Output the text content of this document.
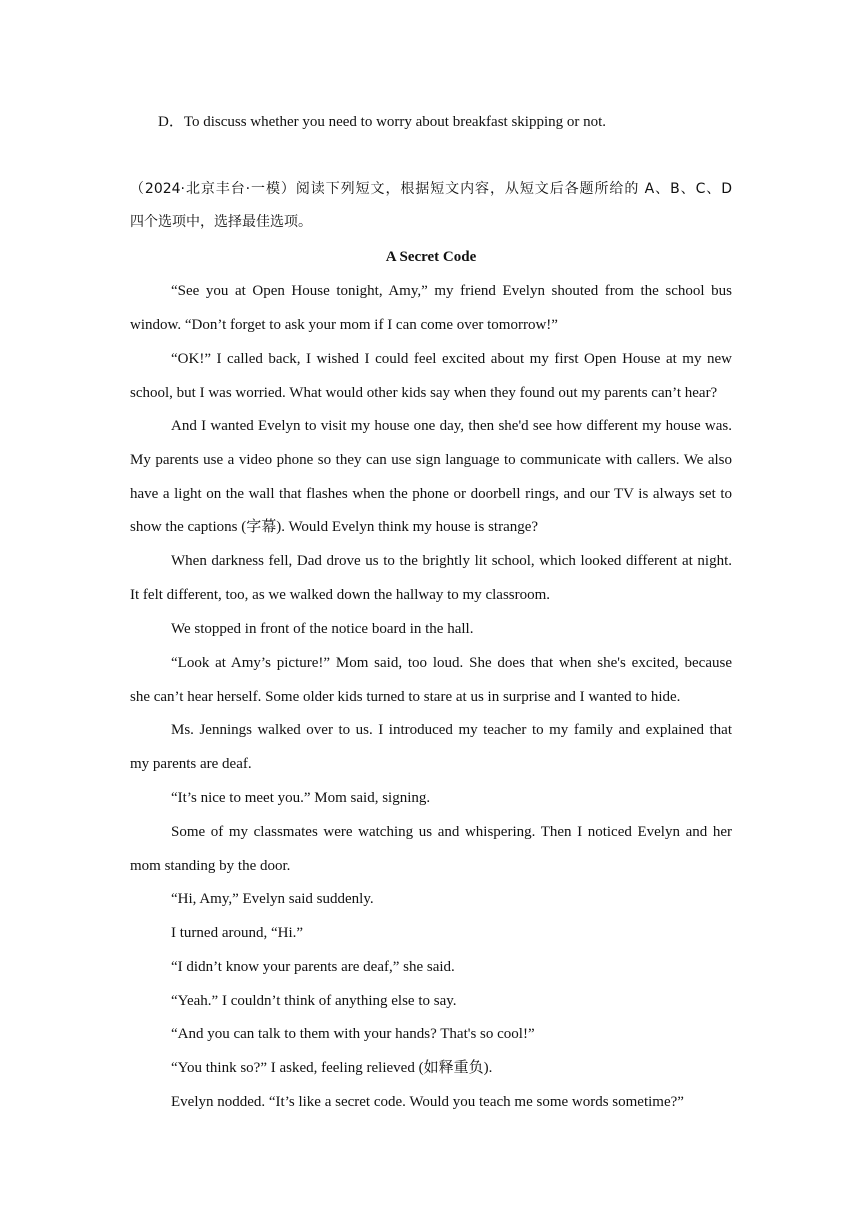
D．To discuss whether you need to worry about breakfast skipping or not.
（2024·北京丰台·一模）阅读下列短文，根据短文内容，从短文后各题所给的 A、B、C、D
四个选项中，选择最佳选项。
A Secret Code
“See you at Open House tonight, Amy,” my friend Evelyn shouted from the school bus
window. “Don’t forget to ask your mom if I can come over tomorrow!”
“OK!” I called back, I wished I could feel excited about my first Open House at my new
school, but I was worried. What would other kids say when they found out my parents can’t hear?
And I wanted Evelyn to visit my house one day, then she'd see how different my house was.
My parents use a video phone so they can use sign language to communicate with callers. We also
have a light on the wall that flashes when the phone or doorbell rings, and our TV is always set to
show the captions (字幕). Would Evelyn think my house is strange?
When darkness fell, Dad drove us to the brightly lit school, which looked different at night.
It felt different, too, as we walked down the hallway to my classroom.
We stopped in front of the notice board in the hall.
“Look at Amy’s picture!” Mom said, too loud. She does that when she's excited, because
she can’t hear herself. Some older kids turned to stare at us in surprise and I wanted to hide.
Ms. Jennings walked over to us. I introduced my teacher to my family and explained that
my parents are deaf.
“It’s nice to meet you.” Mom said, signing.
Some of my classmates were watching us and whispering. Then I noticed Evelyn and her
mom standing by the door.
“Hi, Amy,” Evelyn said suddenly.
I turned around, “Hi.”
“I didn’t know your parents are deaf,” she said.
“Yeah.” I couldn’t think of anything else to say.
“And you can talk to them with your hands? That's so cool!”
“You think so?” I asked, feeling relieved (如释重负).
Evelyn nodded. “It’s like a secret code. Would you teach me some words sometime?”
